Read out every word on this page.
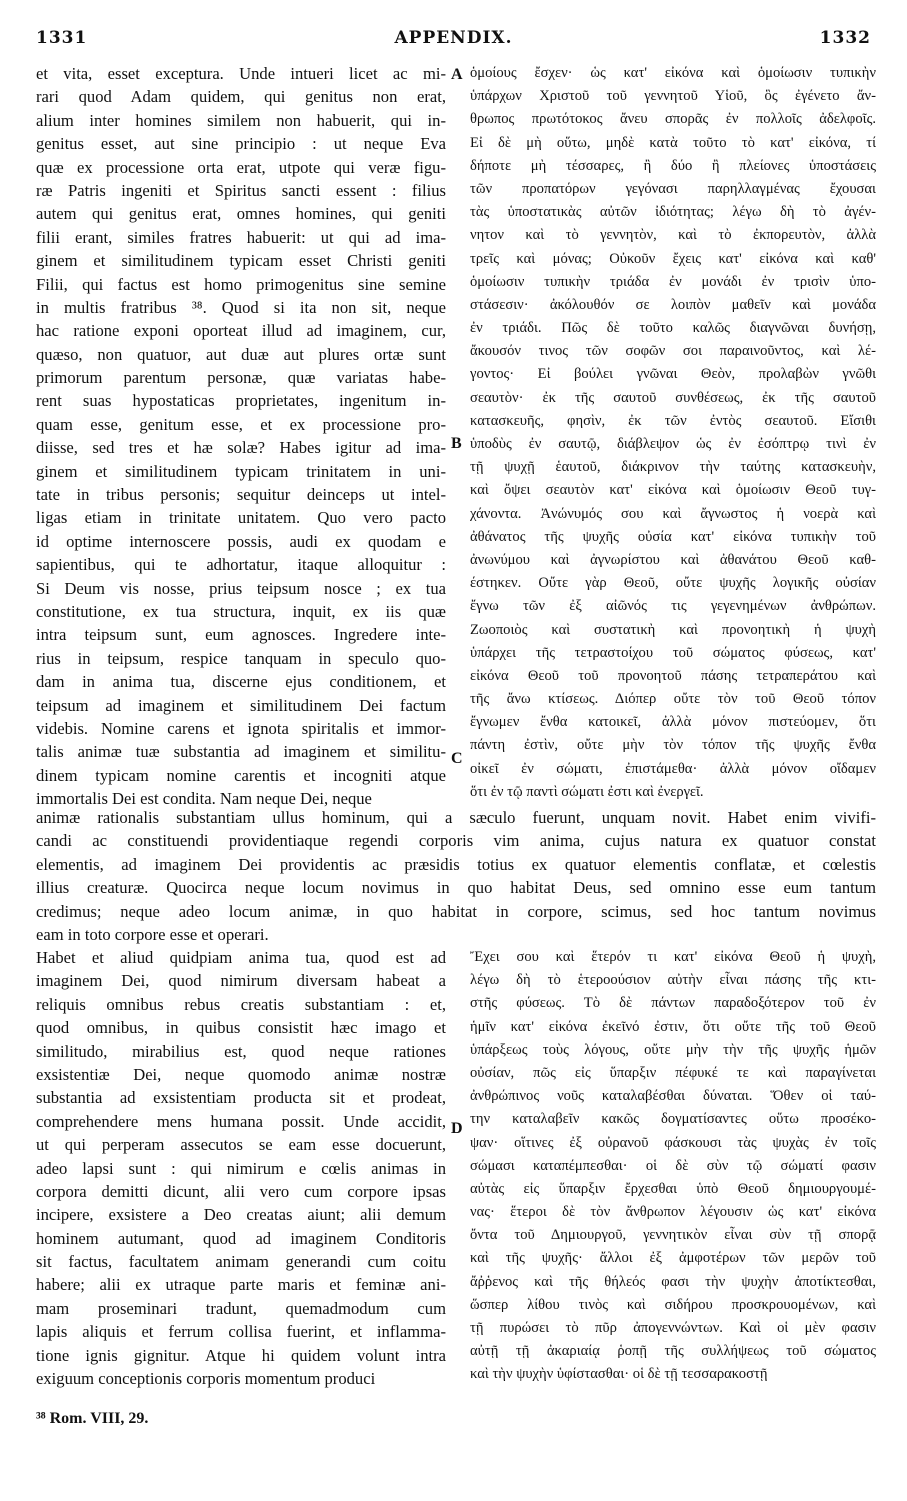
1331	APPENDIX.	1332
et vita, esset exceptura. Unde intueri licet ac mi-
rari quod Adam quidem, qui genitus non erat,
alium inter homines similem non habuerit, qui in-
genitus esset, aut sine principio : ut neque Eva
quæ ex processione orta erat, utpote qui veræ figu-
ræ Patris ingeniti et Spiritus sancti essent : filius
autem qui genitus erat, omnes homines, qui geniti
filii erant, similes fratres habuerit: ut qui ad ima-
ginem et similitudinem typicam esset Christi geniti
Filii, qui factus est homo primogenitus sine semine
in multis fratribus ³⁸. Quod si ita non sit, neque
hac ratione exponi oporteat illud ad imaginem, cur,
quæso, non quatuor, aut duæ aut plures ortæ sunt
primorum parentum personæ, quæ variatas habe-
rent suas hypostaticas proprietates, ingenitum in-
quam esse, genitum esse, et ex processione pro-
diisse, sed tres et hæ solæ? Habes igitur ad ima-
ginem et similitudinem typicam trinitatem in uni-
tate in tribus personis; sequitur deinceps ut intel-
ligas etiam in trinitate unitatem. Quo vero pacto
id optime internoscere possis, audi ex quodam e
sapientibus, qui te adhortatur, itaque alloquitur :
Si Deum vis nosse, prius teipsum nosce ; ex tua
constitutione, ex tua structura, inquit, ex iis quæ
intra teipsum sunt, eum agnosces. Ingredere inte-
rius in teipsum, respice tanquam in speculo quo-
dam in anima tua, discerne ejus conditionem, et
teipsum ad imaginem et similitudinem Dei factum
videbis. Nomine carens et ignota spiritalis et immor-
talis animæ tuæ substantia ad imaginem et similitu-
dinem typicam nomine carentis et incogniti atque
immortalis Dei est condita. Nam neque Dei, neque
ὁμοίους ἔσχεν· ὡς κατ' εἰκόνα καὶ ὁμοίωσιν τυπικὴν
ὑπάρχων Χριστοῦ τοῦ γεννητοῦ Υἱοῦ, ὃς ἐγένετο ἄν-
θρωπος πρωτότοκος ἄνευ σπορᾶς ἐν πολλοῖς ἀδελφοῖς.
Εἰ δὲ μὴ οὕτω, μηδὲ κατὰ τοῦτο τὸ κατ' εἰκόνα, τί
δήποτε μὴ τέσσαρες, ἢ δύο ἢ πλείονες ὑποστάσεις
τῶν προπατόρων γεγόνασι παρηλλαγμένας ἔχουσαι
τὰς ὑποστατικὰς αὐτῶν ἰδιότητας; λέγω δὴ τὸ ἀγέν-
νητον καὶ τὸ γεννητὸν, καὶ τὸ ἐκπορευτὸν, ἀλλὰ
τρεῖς καὶ μόνας; Οὐκοῦν ἔχεις κατ' εἰκόνα καὶ καθ'
ὁμοίωσιν τυπικὴν τριάδα ἐν μονάδι ἐν τρισὶν ὑπο-
στάσεσιν· ἀκόλουθόν σε λοιπὸν μαθεῖν καὶ μονάδα
ἐν τριάδι. Πῶς δὲ τοῦτο καλῶς διαγνῶναι δυνήσῃ,
ἄκουσόν τινος τῶν σοφῶν σοι παραινοῦντος, καὶ λέ-
γοντος· Εἰ βούλει γνῶναι Θεὸν, προλαβὼν γνῶθι
σεαυτὸν· ἐκ τῆς σαυτοῦ συνθέσεως, ἐκ τῆς σαυτοῦ
κατασκευῆς, φησὶν, ἐκ τῶν ἐντὸς σεαυτοῦ. Εἴσιθι
ὑποδὺς ἐν σαυτῷ, διάβλεψον ὡς ἐν ἐσόπτρῳ τινὶ ἐν
τῇ ψυχῇ ἑαυτοῦ, διάκρινον τὴν ταύτης κατασκευὴν,
καὶ ὄψει σεαυτὸν κατ' εἰκόνα καὶ ὁμοίωσιν Θεοῦ τυγ-
χάνοντα. Ἀνώνυμός σου καὶ ἄγνωστος ἡ νοερὰ καὶ
ἀθάνατος τῆς ψυχῆς οὐσία κατ' εἰκόνα τυπικὴν τοῦ
ἀνωνύμου καὶ ἀγνωρίστου καὶ ἀθανάτου Θεοῦ καθ-
έστηκεν. Οὔτε γὰρ Θεοῦ, οὔτε ψυχῆς λογικῆς οὐσίαν
ἔγνω τῶν ἐξ αἰῶνός τις γεγενημένων ἀνθρώπων.
Ζωοποιὸς καὶ συστατικὴ καὶ προνοητικὴ ἡ ψυχὴ
ὑπάρχει τῆς τετραστοίχου τοῦ σώματος φύσεως, κατ'
εἰκόνα Θεοῦ τοῦ προνοητοῦ πάσης τετραπεράτου καὶ
τῆς ἄνω κτίσεως. Διόπερ οὔτε τὸν τοῦ Θεοῦ τόπον
ἔγνωμεν ἔνθα κατοικεῖ, ἀλλὰ μόνον πιστεύομεν, ὅτι
πάντη ἐστὶν, οὔτε μὴν τὸν τόπον τῆς ψυχῆς ἔνθα
οἰκεῖ ἐν σώματι, ἐπιστάμεθα· ἀλλὰ μόνον οἴδαμεν
ὅτι ἐν τῷ παντὶ σώματι ἐστι καὶ ἐνεργεῖ.
A
B
C
D
animæ rationalis substantiam ullus hominum, qui a sæculo fuerunt, unquam novit. Habet enim vivifi-
candi ac constituendi providentiaque regendi corporis vim anima, cujus natura ex quatuor constat
elementis, ad imaginem Dei providentis ac præsidis totius ex quatuor elementis conflatæ, et cœlestis
illius creaturæ. Quocirca neque locum novimus in quo habitat Deus, sed omnino esse eum tantum
credimus; neque adeo locum animæ, in quo habitat in corpore, scimus, sed hoc tantum novimus
eam in toto corpore esse et operari.
Habet et aliud quidpiam anima tua, quod est ad
imaginem Dei, quod nimirum diversam habeat a
reliquis omnibus rebus creatis substantiam : et,
quod omnibus, in quibus consistit hæc imago et
similitudo, mirabilius est, quod neque rationes
exsistentiæ Dei, neque quomodo animæ nostræ
substantia ad exsistentiam producta sit et prodeat,
comprehendere mens humana possit. Unde accidit,
ut qui perperam assecutos se eam esse docuerunt,
adeo lapsi sunt : qui nimirum e cœlis animas in
corpora demitti dicunt, alii vero cum corpore ipsas
incipere, exsistere a Deo creatas aiunt; alii demum
hominem autumant, quod ad imaginem Conditoris
sit factus, facultatem animam generandi cum coitu
habere; alii ex utraque parte maris et feminæ ani-
mam proseminari tradunt, quemadmodum cum
lapis aliquis et ferrum collisa fuerint, et inflamma-
tione ignis gignitur. Atque hi quidem volunt intra
exiguum conceptionis corporis momentum produci
Ἔχει σου καὶ ἕτερόν τι κατ' εἰκόνα Θεοῦ ἡ ψυχὴ,
λέγω δὴ τὸ ἑτεροούσιον αὐτὴν εἶναι πάσης τῆς κτι-
στῆς φύσεως. Τὸ δὲ πάντων παραδοξότερον τοῦ ἐν
ἡμῖν κατ' εἰκόνα ἐκεῖνό ἐστιν, ὅτι οὔτε τῆς τοῦ Θεοῦ
ὑπάρξεως τοὺς λόγους, οὔτε μὴν τὴν τῆς ψυχῆς ἡμῶν
οὐσίαν, πῶς εἰς ὕπαρξιν πέφυκέ τε καὶ παραγίνεται
ἀνθρώπινος νοῦς καταλαβέσθαι δύναται. Ὅθεν οἱ ταύ-
την καταλαβεῖν κακῶς δογματίσαντες οὕτω προσέκο-
ψαν· οἵτινες ἐξ οὐρανοῦ φάσκουσι τὰς ψυχὰς ἐν τοῖς
σώμασι καταπέμπεσθαι· οἱ δὲ σὺν τῷ σώματί φασιν
αὐτὰς εἰς ὕπαρξιν ἔρχεσθαι ὑπὸ Θεοῦ δημιουργουμέ-
νας· ἕτεροι δὲ τὸν ἄνθρωπον λέγουσιν ὡς κατ' εἰκόνα
ὄντα τοῦ Δημιουργοῦ, γεννητικὸν εἶναι σὺν τῇ σπορᾷ
καὶ τῆς ψυχῆς· ἄλλοι ἐξ ἀμφοτέρων τῶν μερῶν τοῦ
ἄῤῥενος καὶ τῆς θήλεός φασι τὴν ψυχὴν ἀποτίκτεσθαι,
ὥσπερ λίθου τινὸς καὶ σιδήρου προσκρουομένων, καὶ
τῇ πυρώσει τὸ πῦρ ἀπογεννώντων. Καὶ οἱ μὲν φασιν
αὐτῇ τῇ ἀκαριαίᾳ ῥοπῇ τῆς συλλήψεως τοῦ σώματος
καὶ τὴν ψυχὴν ὑφίστασθαι· οἱ δὲ τῇ τεσσαρακοστῇ
³⁸ Rom. VIII, 29.
